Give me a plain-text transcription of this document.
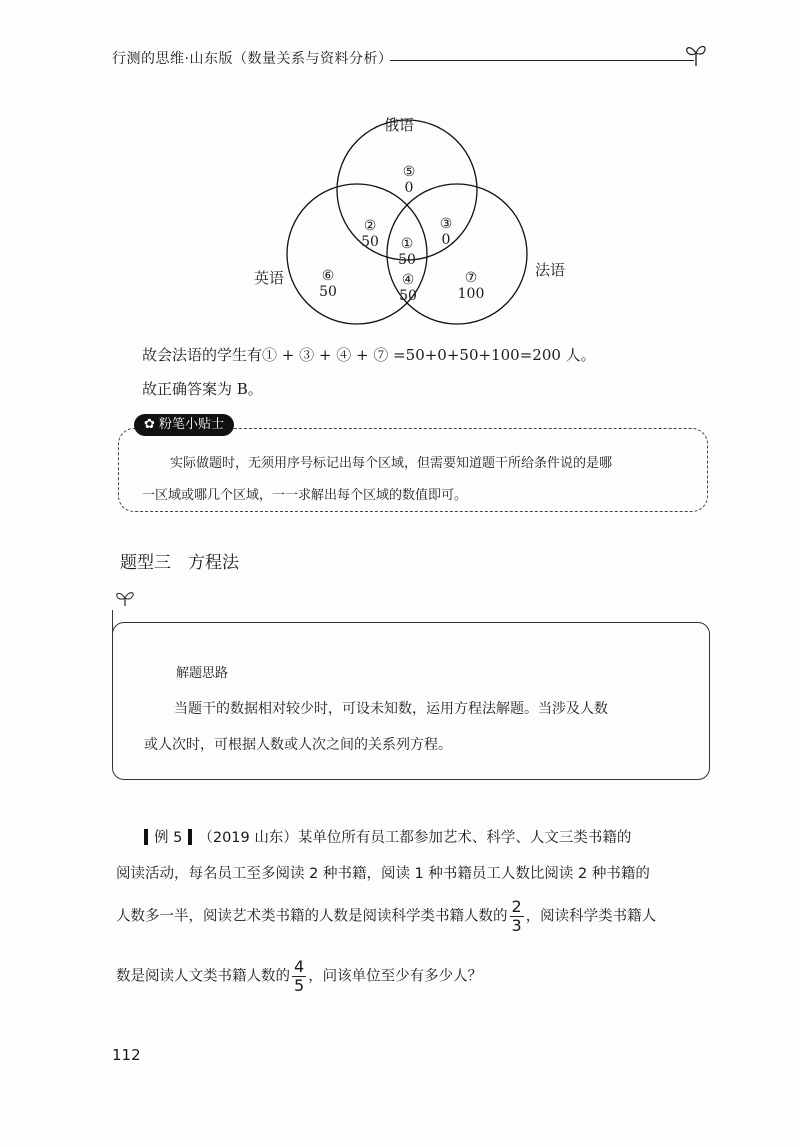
行测的思维·山东版（数量关系与资料分析）
俄语
英语	法语
⑤
0
②
50
③
0
①
50
⑥
50
④
50
⑦
100
故会法语的学生有① + ③ + ④ + ⑦ =50+0+50+100=200 人。
故正确答案为 B。
✿ 粉笔小贴士
实际做题时，无须用序号标记出每个区域，但需要知道题干所给条件说的是哪
一区域或哪几个区域，一一求解出每个区域的数值即可。
题型三　方程法
解题思路
当题干的数据相对较少时，可设未知数，运用方程法解题。当涉及人数
或人次时，可根据人数或人次之间的关系列方程。
例 5 （2019 山东）某单位所有员工都参加艺术、科学、人文三类书籍的
阅读活动，每名员工至多阅读 2 种书籍，阅读 1 种书籍员工人数比阅读 2 种书籍的
人数多一半，阅读艺术类书籍的人数是阅读科学类书籍人数的 $\frac{2}{3}$ ，阅读科学类书籍人
数是阅读人文类书籍人数的 $\frac{4}{5}$ ，问该单位至少有多少人？
112
